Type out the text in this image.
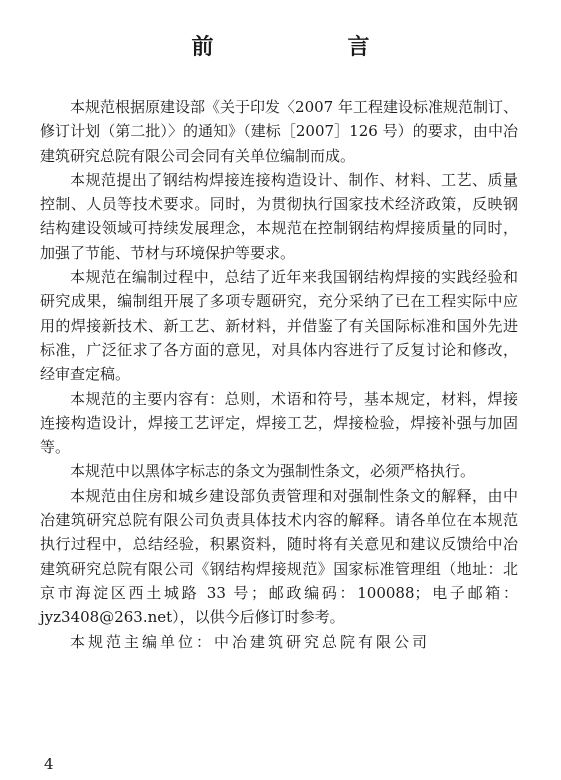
前　言

本规范根据原建设部《关于印发〈2007 年工程建设标准规范制订、修订计划（第二批）〉的通知》（建标［2007］126 号）的要求，由中冶建筑研究总院有限公司会同有关单位编制而成。

本规范提出了钢结构焊接连接构造设计、制作、材料、工艺、质量控制、人员等技术要求。同时，为贯彻执行国家技术经济政策，反映钢结构建设领域可持续发展理念，本规范在控制钢结构焊接质量的同时，加强了节能、节材与环境保护等要求。

本规范在编制过程中，总结了近年来我国钢结构焊接的实践经验和研究成果，编制组开展了多项专题研究，充分采纳了已在工程实际中应用的焊接新技术、新工艺、新材料，并借鉴了有关国际标准和国外先进标准，广泛征求了各方面的意见，对具体内容进行了反复讨论和修改，经审查定稿。

本规范的主要内容有：总则，术语和符号，基本规定，材料，焊接连接构造设计，焊接工艺评定，焊接工艺，焊接检验，焊接补强与加固等。

本规范中以黑体字标志的条文为强制性条文，必须严格执行。

本规范由住房和城乡建设部负责管理和对强制性条文的解释，由中冶建筑研究总院有限公司负责具体技术内容的解释。请各单位在本规范执行过程中，总结经验，积累资料，随时将有关意见和建议反馈给中冶建筑研究总院有限公司《钢结构焊接规范》国家标准管理组（地址：北京市海淀区西土城路 33 号；邮政编码：100088；电子邮箱：jyz3408@263.net），以供今后修订时参考。

本规范主编单位：中冶建筑研究总院有限公司

4
